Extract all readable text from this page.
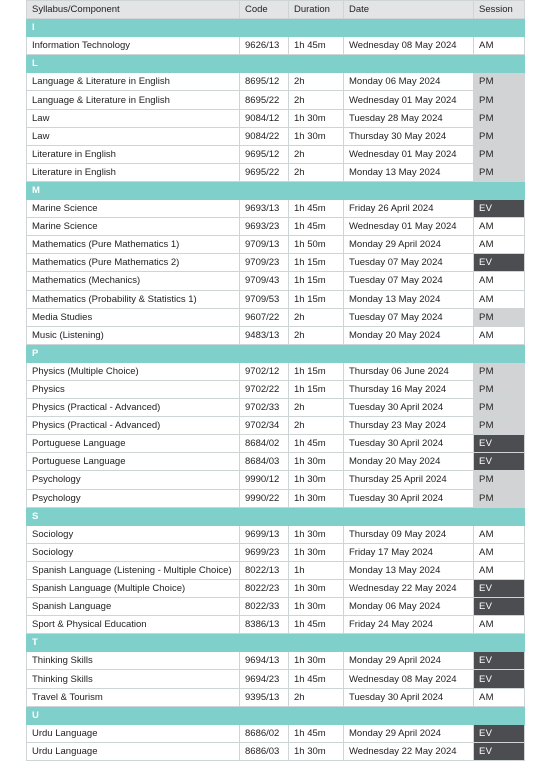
Syllabus/Component	Code	Duration	Date	Session
I				
Information Technology	9626/13	1h 45m	Wednesday 08 May 2024	AM
L				
Language & Literature in English	8695/12	2h	Monday 06 May 2024	PM
Language & Literature in English	8695/22	2h	Wednesday 01 May 2024	PM
Law	9084/12	1h 30m	Tuesday 28 May 2024	PM
Law	9084/22	1h 30m	Thursday 30 May 2024	PM
Literature in English	9695/12	2h	Wednesday 01 May 2024	PM
Literature in English	9695/22	2h	Monday 13 May 2024	PM
M				
Marine Science	9693/13	1h 45m	Friday 26 April 2024	EV
Marine Science	9693/23	1h 45m	Wednesday 01 May 2024	AM
Mathematics (Pure Mathematics 1)	9709/13	1h 50m	Monday 29 April 2024	AM
Mathematics (Pure Mathematics 2)	9709/23	1h 15m	Tuesday 07 May 2024	EV
Mathematics (Mechanics)	9709/43	1h 15m	Tuesday 07 May 2024	AM
Mathematics (Probability & Statistics 1)	9709/53	1h 15m	Monday 13 May 2024	AM
Media Studies	9607/22	2h	Tuesday 07 May 2024	PM
Music (Listening)	9483/13	2h	Monday 20 May 2024	AM
P				
Physics (Multiple Choice)	9702/12	1h 15m	Thursday 06 June 2024	PM
Physics	9702/22	1h 15m	Thursday 16 May 2024	PM
Physics (Practical - Advanced)	9702/33	2h	Tuesday 30 April 2024	PM
Physics (Practical - Advanced)	9702/34	2h	Thursday 23 May 2024	PM
Portuguese Language	8684/02	1h 45m	Tuesday 30 April 2024	EV
Portuguese Language	8684/03	1h 30m	Monday 20 May 2024	EV
Psychology	9990/12	1h 30m	Thursday 25 April 2024	PM
Psychology	9990/22	1h 30m	Tuesday 30 April 2024	PM
S				
Sociology	9699/13	1h 30m	Thursday 09 May 2024	AM
Sociology	9699/23	1h 30m	Friday 17 May 2024	AM
Spanish Language (Listening - Multiple Choice)	8022/13	1h	Monday 13 May 2024	AM
Spanish Language (Multiple Choice)	8022/23	1h 30m	Wednesday 22 May 2024	EV
Spanish Language	8022/33	1h 30m	Monday 06 May 2024	EV
Sport & Physical Education	8386/13	1h 45m	Friday 24 May 2024	AM
T				
Thinking Skills	9694/13	1h 30m	Monday 29 April 2024	EV
Thinking Skills	9694/23	1h 45m	Wednesday 08 May 2024	EV
Travel & Tourism	9395/13	2h	Tuesday 30 April 2024	AM
U				
Urdu Language	8686/02	1h 45m	Monday 29 April 2024	EV
Urdu Language	8686/03	1h 30m	Wednesday 22 May 2024	EV
